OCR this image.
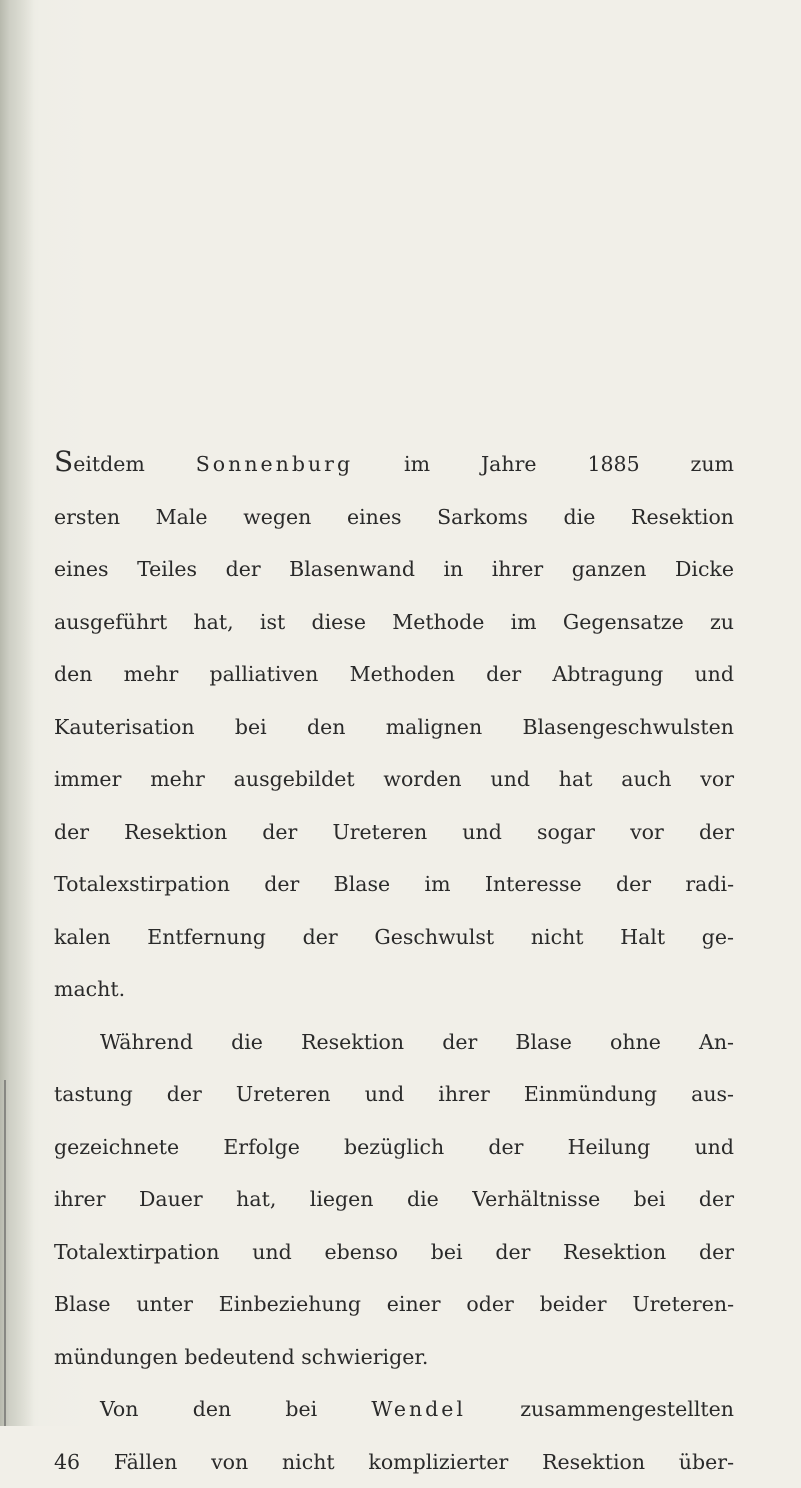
Seitdem Sonnenburg im Jahre 1885 zum
ersten Male wegen eines Sarkoms die Resektion
eines Teiles der Blasenwand in ihrer ganzen Dicke
ausgeführt hat, ist diese Methode im Gegensatze zu
den mehr palliativen Methoden der Abtragung und
Kauterisation bei den malignen Blasengeschwulsten
immer mehr ausgebildet worden und hat auch vor
der Resektion der Ureteren und sogar vor der
Totalexstirpation der Blase im Interesse der radi-
kalen Entfernung der Geschwulst nicht Halt ge-
macht.
Während die Resektion der Blase ohne An-
tastung der Ureteren und ihrer Einmündung aus-
gezeichnete Erfolge bezüglich der Heilung und
ihrer Dauer hat, liegen die Verhältnisse bei der
Totalextirpation und ebenso bei der Resektion der
Blase unter Einbeziehung einer oder beider Ureteren-
mündungen bedeutend schwieriger.
Von den bei Wendel zusammengestellten
46 Fällen von nicht komplizierter Resektion über-
